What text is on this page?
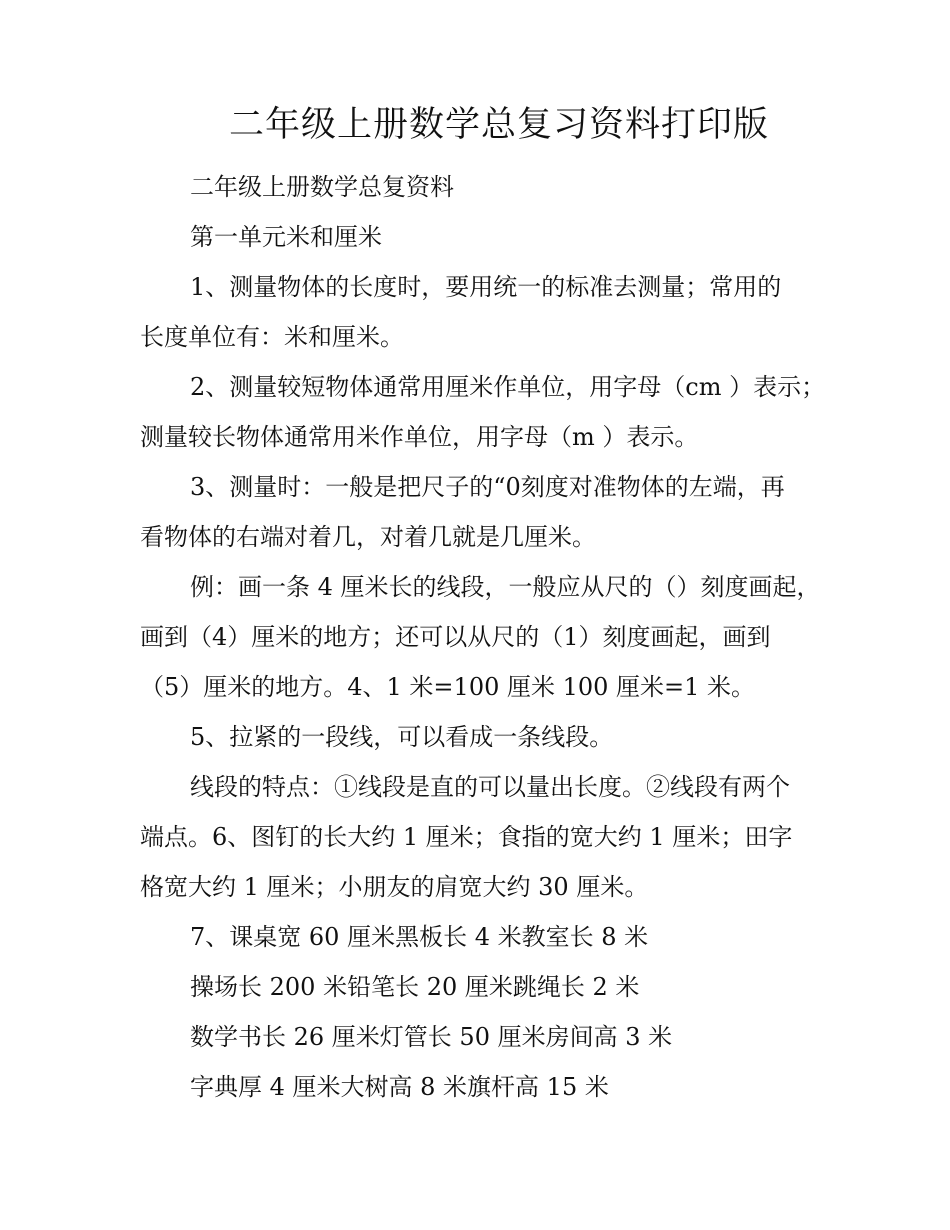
二年级上册数学总复习资料打印版

二年级上册数学总复资料

第一单元米和厘米

1、测量物体的长度时，要用统一的标准去测量；常用的

长度单位有：米和厘米。

2、测量较短物体通常用厘米作单位，用字母（cm ）表示；

测量较长物体通常用米作单位，用字母（m ）表示。

3、测量时：一般是把尺子的“0刻度对准物体的左端，再

看物体的右端对着几，对着几就是几厘米。

例：画一条 4 厘米长的线段，一般应从尺的（）刻度画起，

画到（4）厘米的地方；还可以从尺的（1）刻度画起，画到

（5）厘米的地方。4、1 米=100 厘米 100 厘米=1 米。

5、拉紧的一段线，可以看成一条线段。

线段的特点：①线段是直的可以量出长度。②线段有两个

端点。6、图钉的长大约 1 厘米；食指的宽大约 1 厘米；田字

格宽大约 1 厘米；小朋友的肩宽大约 30 厘米。

7、课桌宽 60 厘米黑板长 4 米教室长 8 米

操场长 200 米铅笔长 20 厘米跳绳长 2 米

数学书长 26 厘米灯管长 50 厘米房间高 3 米

字典厚 4 厘米大树高 8 米旗杆高 15 米
